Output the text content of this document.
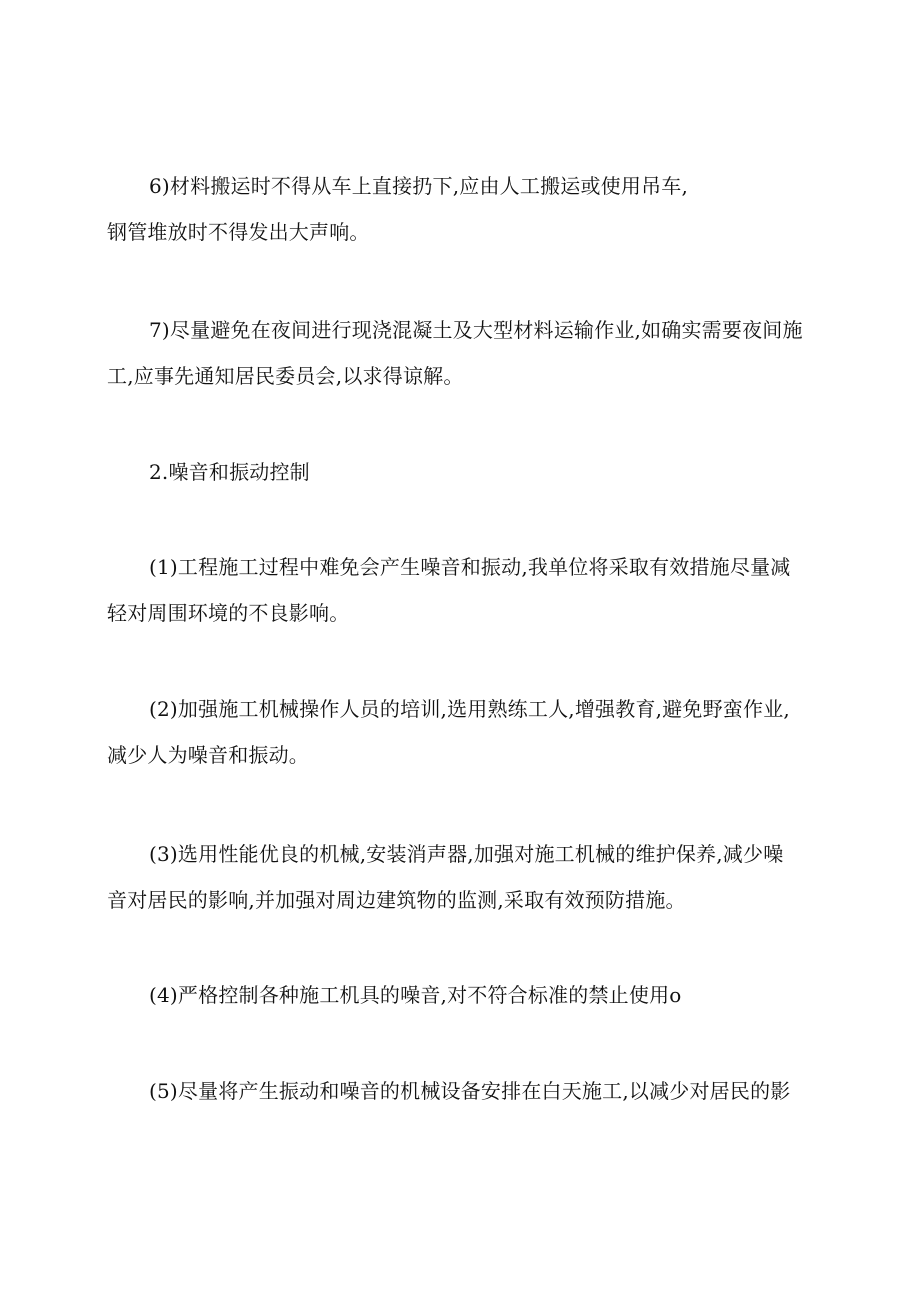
6)材料搬运时不得从车上直接扔下,应由人工搬运或使用吊车,
钢管堆放时不得发出大声响。

7)尽量避免在夜间进行现浇混凝土及大型材料运输作业,如确实需要夜间施
工,应事先通知居民委员会,以求得谅解。

2.噪音和振动控制

(1)工程施工过程中难免会产生噪音和振动,我单位将采取有效措施尽量减
轻对周围环境的不良影响。

(2)加强施工机械操作人员的培训,选用熟练工人,增强教育,避免野蛮作业,
减少人为噪音和振动。

(3)选用性能优良的机械,安装消声器,加强对施工机械的维护保养,减少噪
音对居民的影响,并加强对周边建筑物的监测,采取有效预防措施。

(4)严格控制各种施工机具的噪音,对不符合标准的禁止使用o

(5)尽量将产生振动和噪音的机械设备安排在白天施工,以减少对居民的影
